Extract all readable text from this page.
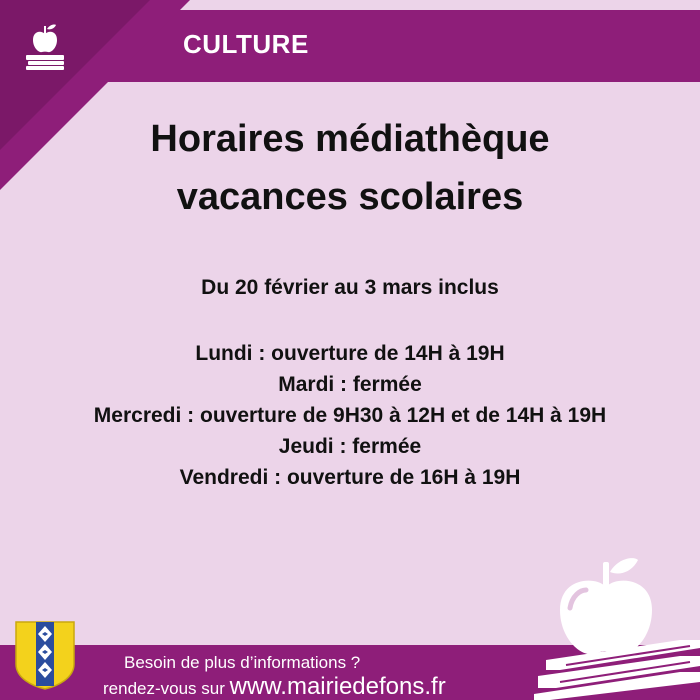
CULTURE

Horaires médiathèque
vacances scolaires

Du 20 février au 3 mars inclus

Lundi : ouverture de 14H à 19H
Mardi : fermée
Mercredi : ouverture de 9H30 à 12H et de 14H à 19H
Jeudi : fermée
Vendredi : ouverture de 16H à 19H

Besoin de plus d’informations ?

rendez-vous sur www.mairiedefons.fr
